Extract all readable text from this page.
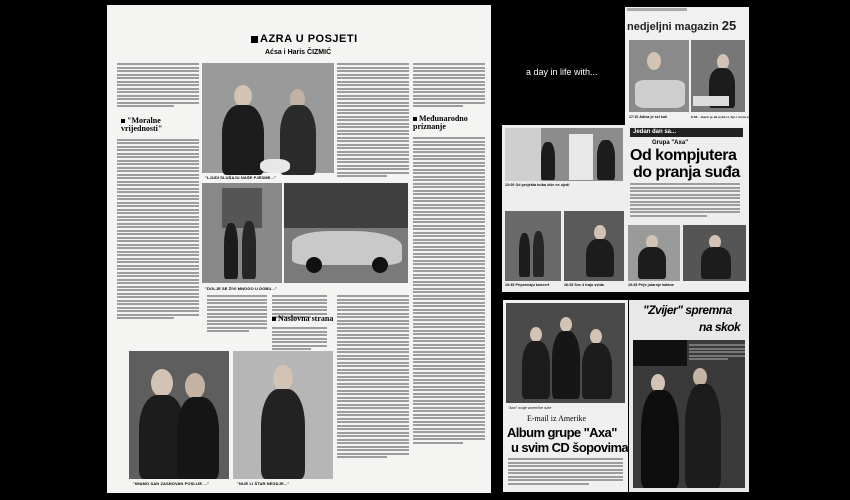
AZRA U POSJETI
Aćsa i Haris ČIZMIĆ
"Moralne vrijednosti"
"LJUDI SLUŠAJU NAŠE PJESME..."
"DOLJE SE ŽIVI MNOGO U DOBU..."
Naslovna strana
Međunarodno priznanje
"IMAMO SAN ZASNOVAN POSLIJE ..."	"NIJE LI ŠTAR NEGDJE..."
a day in life with...
nedjeljni magazin 25
17:10 Adisa je svi kuli	8:36 ...Harić je ali uzba U, hjo i mora za uglavnom spisi
Jedan dan sa...
Grupa "Axa"
Od kompjutera
do pranja suđa
13:00 Od projekta tuiba više ne ujedi
16:25 Sve 4 traju svida
19:35 Pripremaju koncert	19:45 Prije jutarnje kafane
"Axa" ovaje američke ruke
E-mail iz Amerike
Album grupe "Axa"
u svim CD šopovima
"Zvijer" spremna
na skok
